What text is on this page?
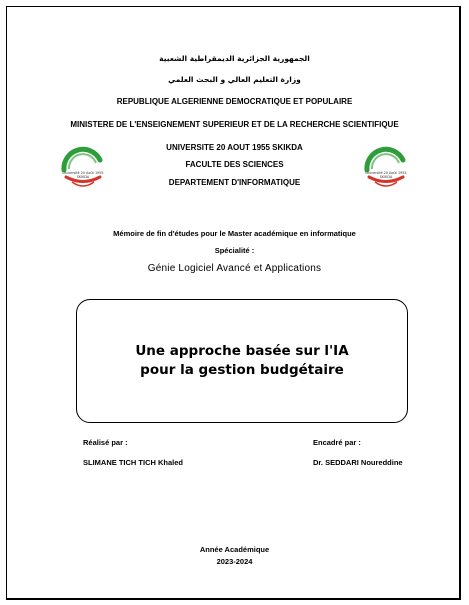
الجمهورية الجزائرية الديمقراطية الشعبية
وزارة التعليم العالي و البحث العلمي
REPUBLIQUE ALGERIENNE DEMOCRATIQUE ET POPULAIRE
MINISTERE DE L'ENSEIGNEMENT SUPERIEUR ET DE LA RECHERCHE SCIENTIFIQUE
UNIVERSITE 20 AOUT 1955 SKIKDA
FACULTE DES SCIENCES
DEPARTEMENT D'INFORMATIQUE
Université 20 Août 1955
SKIKDA
Université 20 Août 1955
SKIKDA
Mémoire de fin d'études pour le Master académique en informatique
Spécialité :
Génie Logiciel Avancé et Applications
Une approche basée sur l'IA pour la gestion budgétaire
Réalisé par :
SLIMANE TICH TICH Khaled
Encadré par :
Dr. SEDDARI Noureddine
Année Académique
2023-2024
